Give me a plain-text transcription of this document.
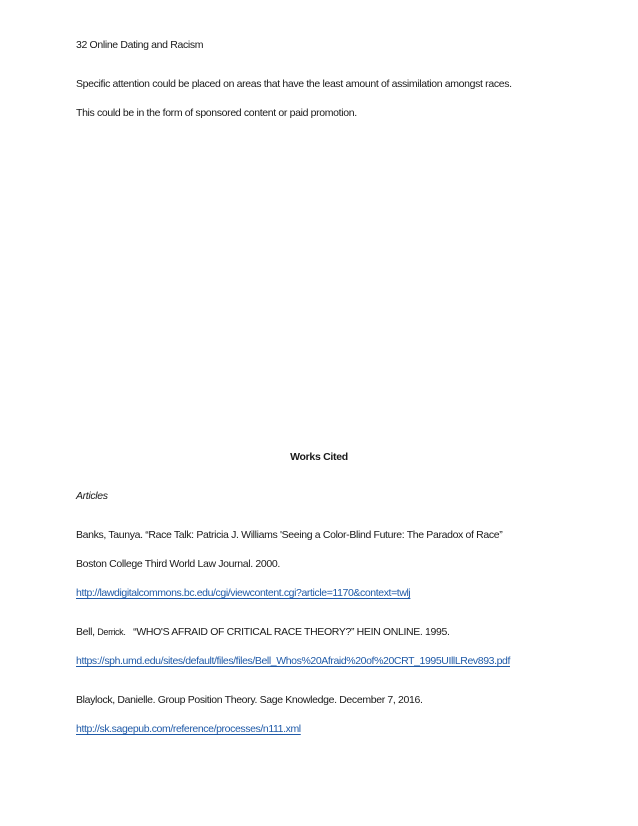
32 Online Dating and Racism
Specific attention could be placed on areas that have the least amount of assimilation amongst races.
This could be in the form of sponsored content or paid promotion.
Works Cited
Articles
Banks, Taunya. “Race Talk: Patricia J. Williams 'Seeing a Color-Blind Future: The Paradox of Race”
Boston College Third World Law Journal. 2000.
http://lawdigitalcommons.bc.edu/cgi/viewcontent.cgi?article=1170&context=twlj
Bell, Derrick. “WHO'S AFRAID OF CRITICAL RACE THEORY?” HEIN ONLINE. 1995.
https://sph.umd.edu/sites/default/files/files/Bell_Whos%20Afraid%20of%20CRT_1995UIllLRev893.pdf
Blaylock, Danielle. Group Position Theory. Sage Knowledge. December 7, 2016.
http://sk.sagepub.com/reference/processes/n111.xml
